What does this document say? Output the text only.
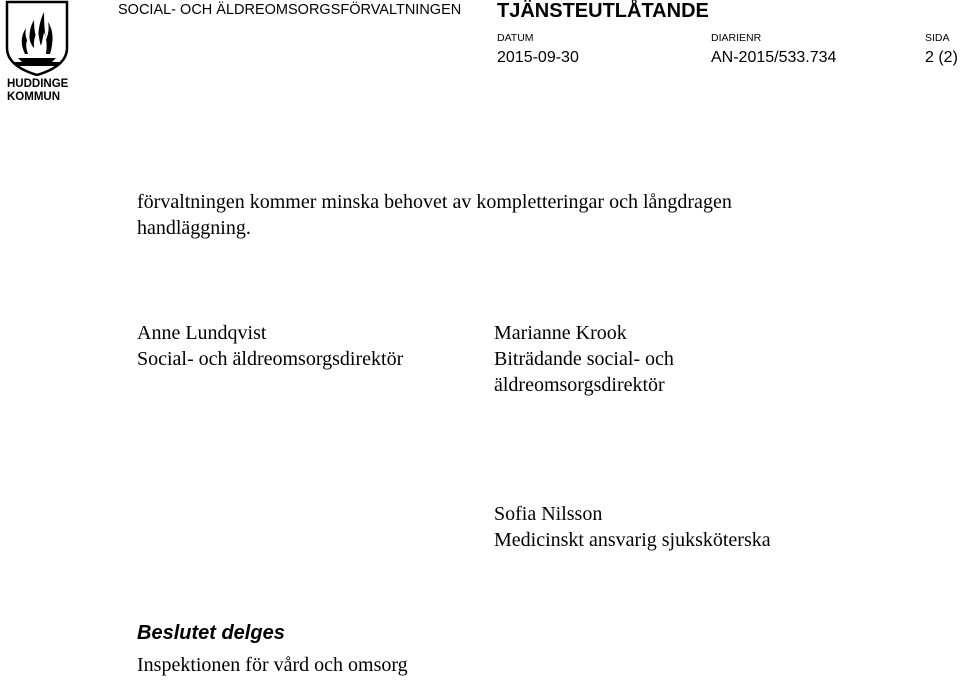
HUDDINGE
KOMMUN
SOCIAL- OCH ÄLDREOMSORGSFÖRVALTNINGEN TJÄNSTEUTLÅTANDE
DATUM
2015-09-30
DIARIENR
AN-2015/533.734
SIDA
2 (2)
förvaltningen kommer minska behovet av kompletteringar och långdragen
handläggning.
Anne Lundqvist
Social- och äldreomsorgsdirektör
Marianne Krook
Biträdande social- och
äldreomsorgsdirektör
Sofia Nilsson
Medicinskt ansvarig sjuksköterska
Beslutet delges
Inspektionen för vård och omsorg
